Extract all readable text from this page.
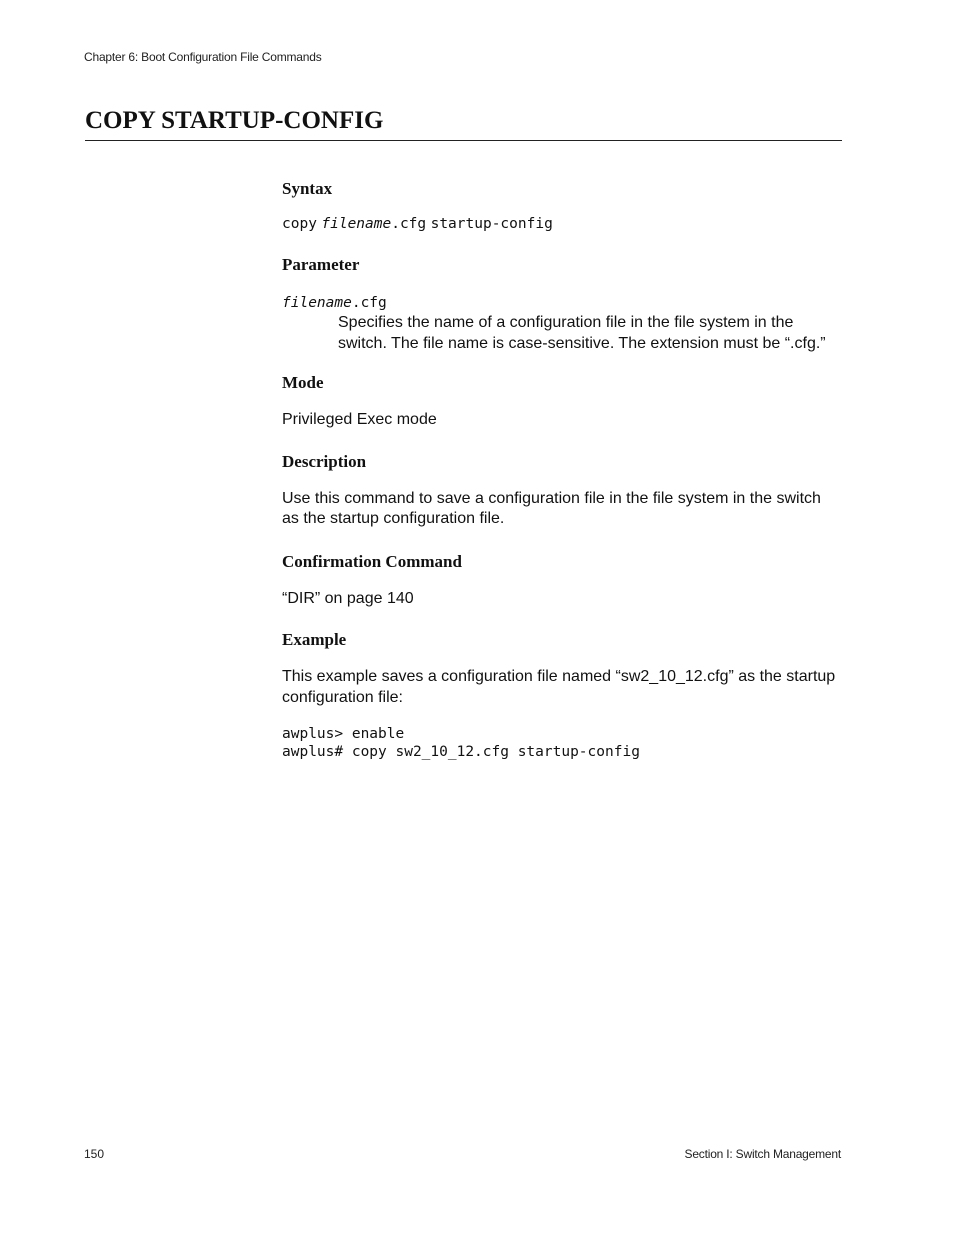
Chapter 6: Boot Configuration File Commands
COPY STARTUP-CONFIG
Syntax

copy filename.cfg startup-config

Parameter

filename.cfg

Specifies the name of a configuration file in the file system in the switch. The file name is case-sensitive. The extension must be “.cfg.”

Mode

Privileged Exec mode

Description

Use this command to save a configuration file in the file system in the switch as the startup configuration file.

Confirmation Command

“DIR” on page 140

Example

This example saves a configuration file named “sw2_10_12.cfg” as the startup configuration file:

awplus> enable
awplus# copy sw2_10_12.cfg startup-config
150	Section I: Switch Management
